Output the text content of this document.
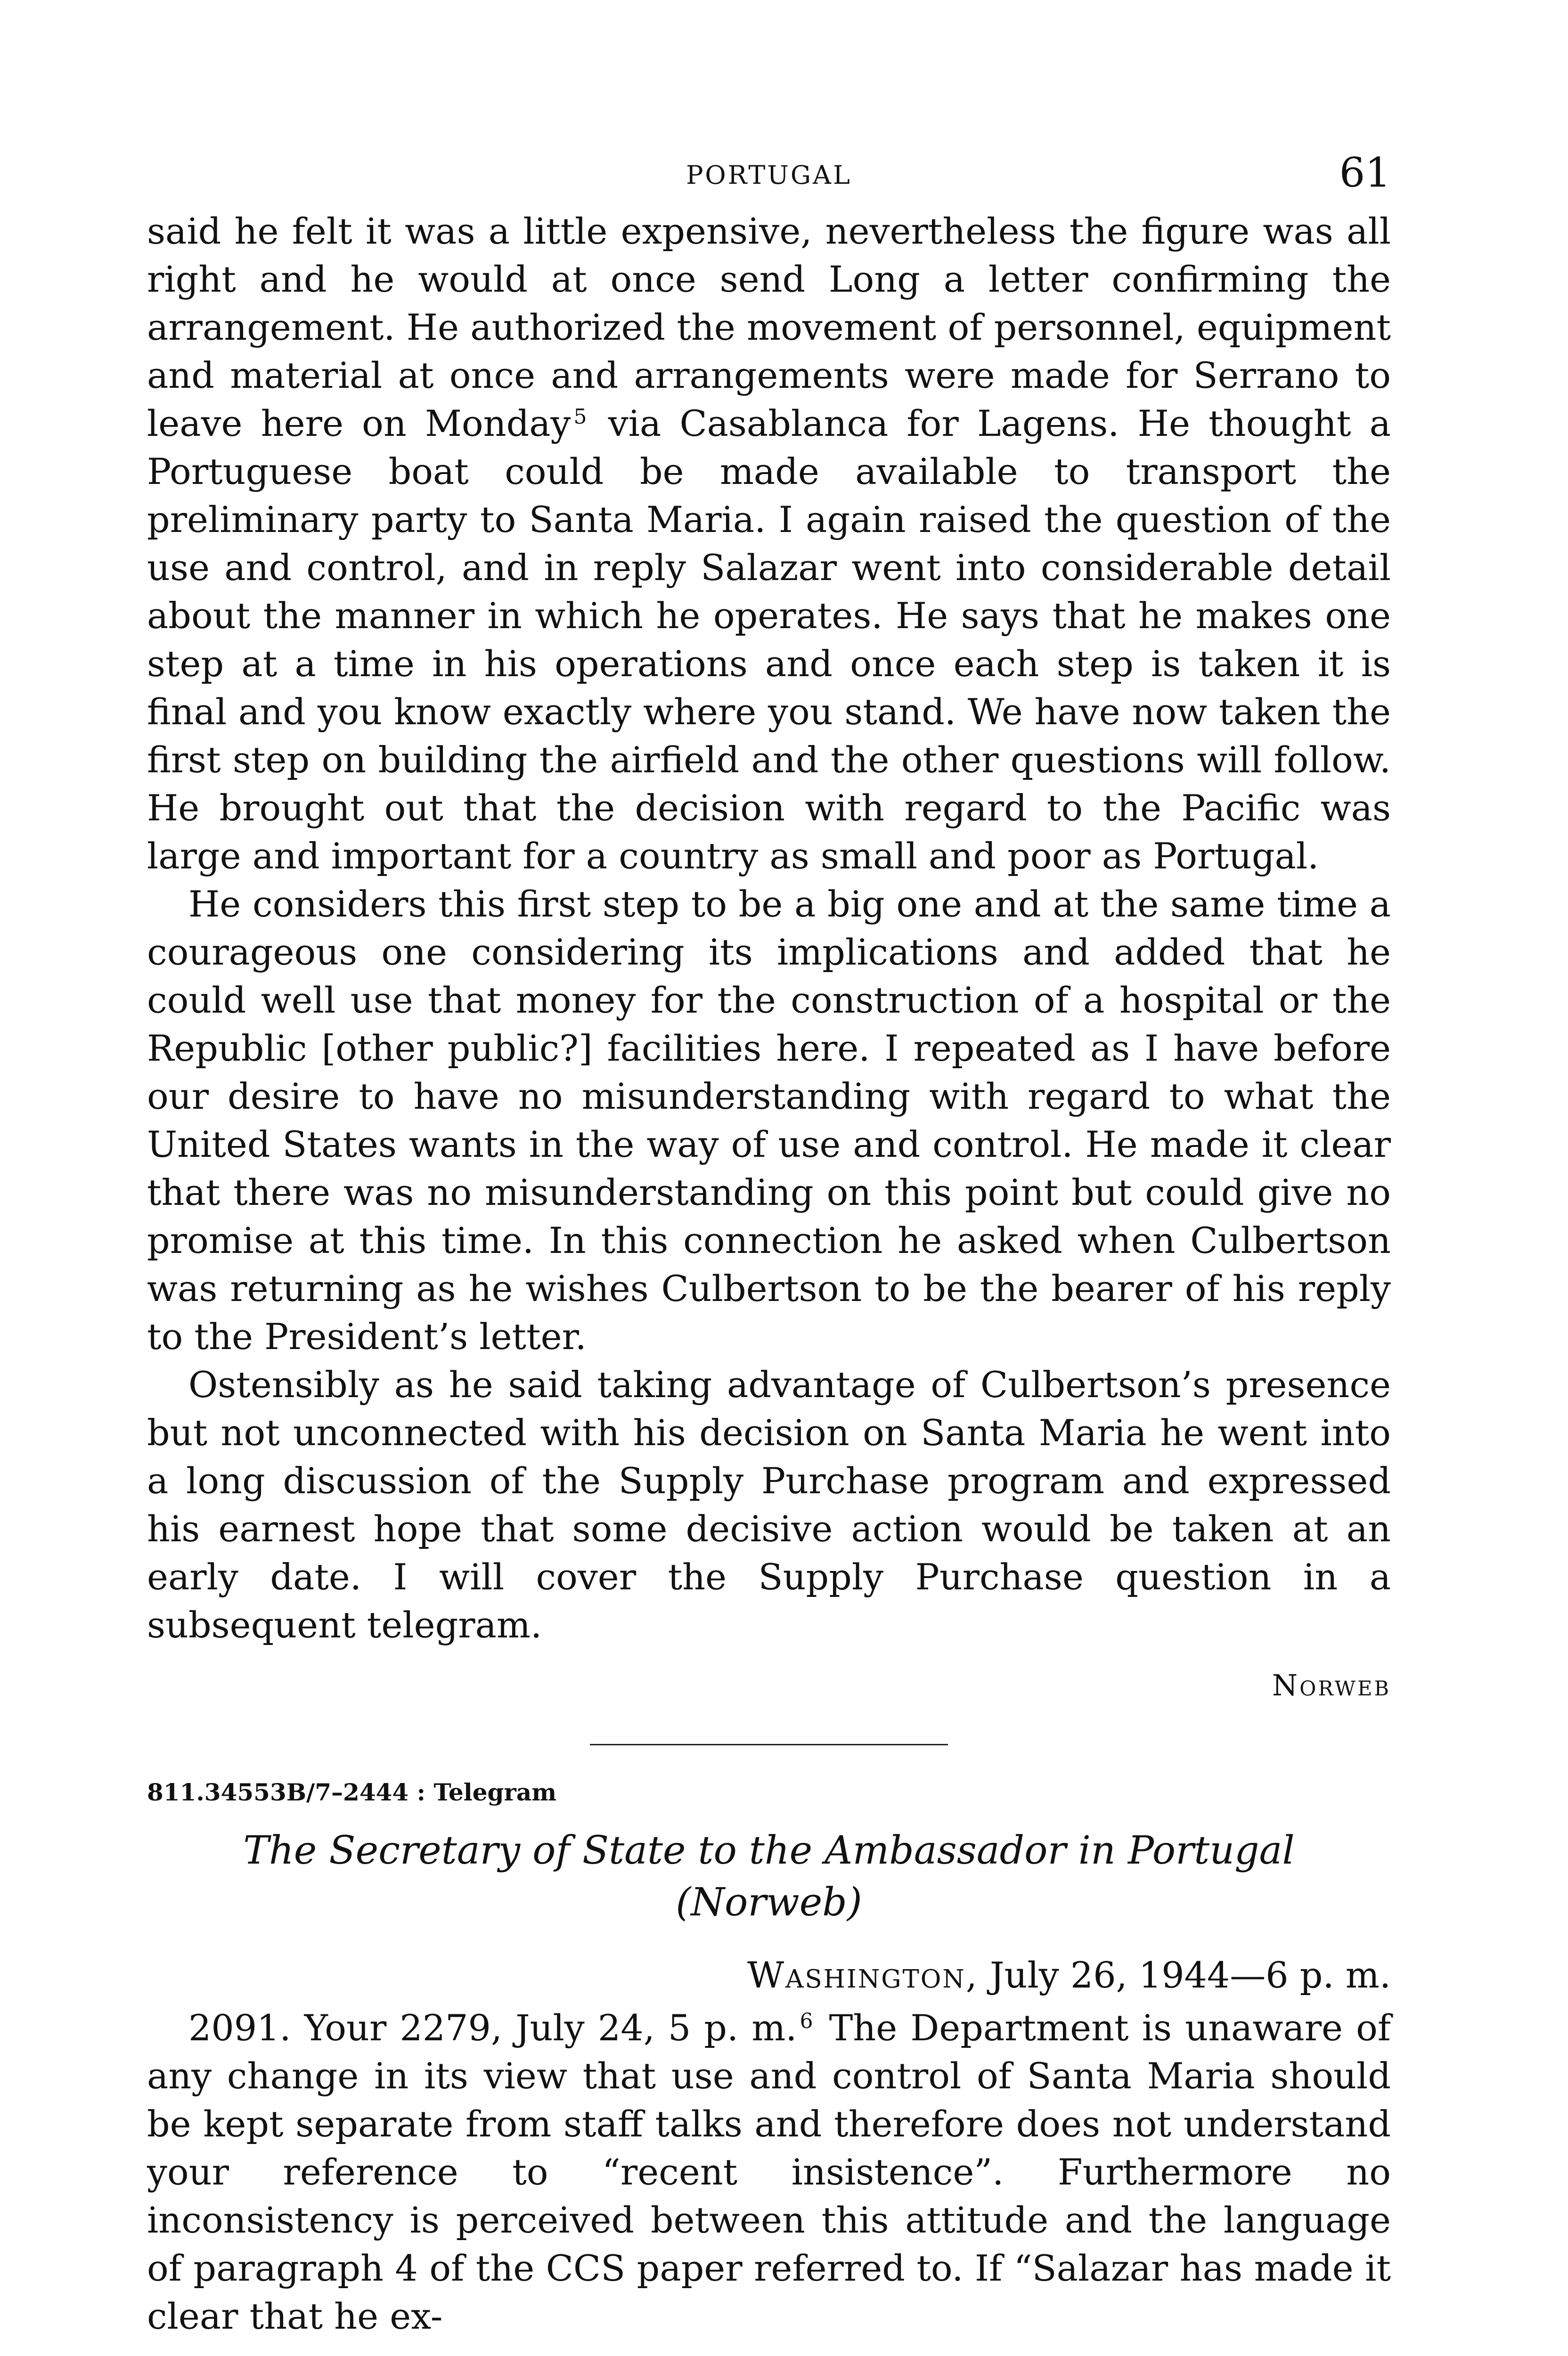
PORTUGAL	61

said he felt it was a little expensive, nevertheless the figure was all right and he would at once send Long a letter confirming the arrangement. He authorized the movement of personnel, equipment and material at once and arrangements were made for Serrano to leave here on Monday $^5$ via Casablanca for Lagens. He thought a Portuguese boat could be made available to transport the preliminary party to Santa Maria. I again raised the question of the use and control, and in reply Salazar went into considerable detail about the manner in which he operates. He says that he makes one step at a time in his operations and once each step is taken it is final and you know exactly where you stand. We have now taken the first step on building the airfield and the other questions will follow. He brought out that the decision with regard to the Pacific was large and important for a country as small and poor as Portugal.

He considers this first step to be a big one and at the same time a courageous one considering its implications and added that he could well use that money for the construction of a hospital or the Republic [other public?] facilities here. I repeated as I have before our desire to have no misunderstanding with regard to what the United States wants in the way of use and control. He made it clear that there was no misunderstanding on this point but could give no promise at this time. In this connection he asked when Culbertson was returning as he wishes Culbertson to be the bearer of his reply to the President’s letter.

Ostensibly as he said taking advantage of Culbertson’s presence but not unconnected with his decision on Santa Maria he went into a long discussion of the Supply Purchase program and expressed his earnest hope that some decisive action would be taken at an early date. I will cover the Supply Purchase question in a subsequent telegram.

Norweb
811.34553B/7–2444 : Telegram
The Secretary of State to the Ambassador in Portugal (Norweb)
Washington, July 26, 1944—6 p. m.

2091. Your 2279, July 24, 5 p. m. $^6$ The Department is unaware of any change in its view that use and control of Santa Maria should be kept separate from staff talks and therefore does not understand your reference to “recent insistence”. Furthermore no inconsistency is perceived between this attitude and the language of paragraph 4 of the CCS paper referred to. If “Salazar has made it clear that he ex-
